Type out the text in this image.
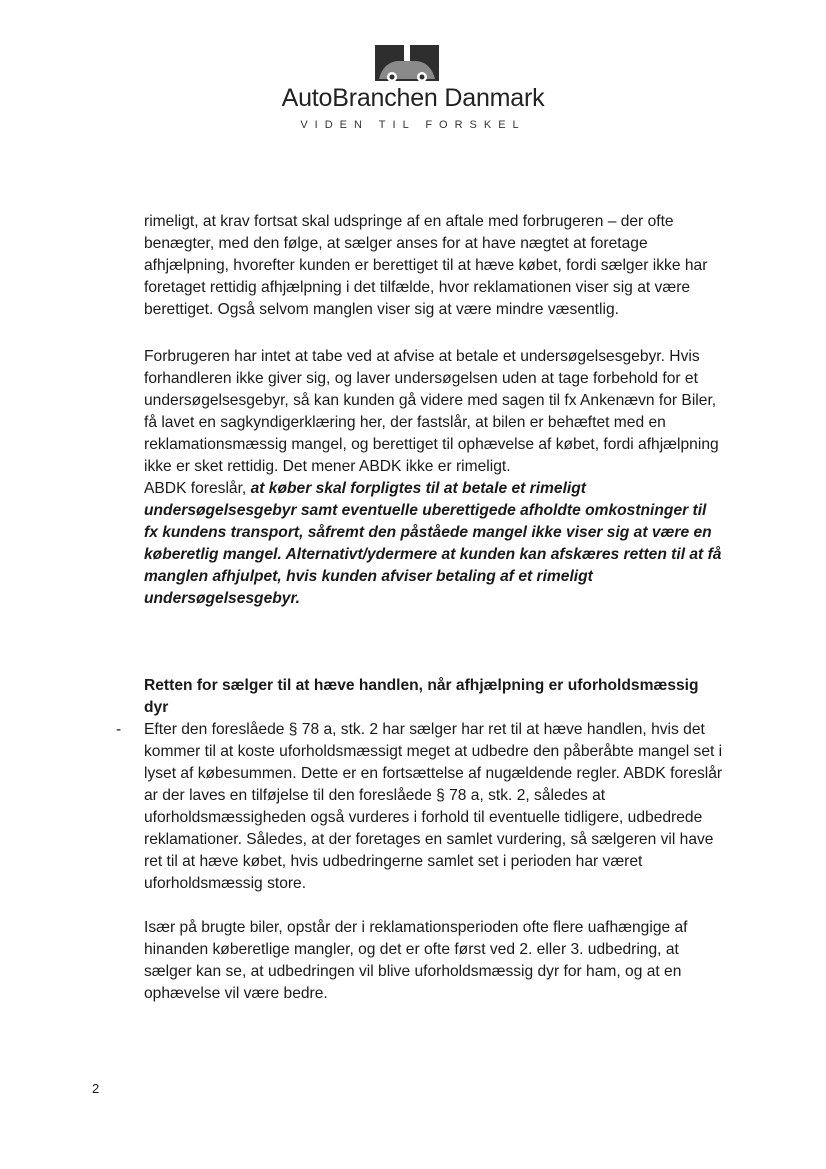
AutoBranchen Danmark
VIDEN TIL FORSKEL

rimeligt, at krav fortsat skal udspringe af en aftale med forbrugeren – der ofte benægter, med den følge, at sælger anses for at have nægtet at foretage afhjælpning, hvorefter kunden er berettiget til at hæve købet, fordi sælger ikke har foretaget rettidig afhjælpning i det tilfælde, hvor reklamationen viser sig at være berettiget. Også selvom manglen viser sig at være mindre væsentlig.

Forbrugeren har intet at tabe ved at afvise at betale et undersøgelsesgebyr. Hvis forhandleren ikke giver sig, og laver undersøgelsen uden at tage forbehold for et undersøgelsesgebyr, så kan kunden gå videre med sagen til fx Ankenævn for Biler, få lavet en sagkyndigerklæring her, der fastslår, at bilen er behæftet med en reklamationsmæssig mangel, og berettiget til ophævelse af købet, fordi afhjælpning ikke er sket rettidig. Det mener ABDK ikke er rimeligt.

ABDK foreslår, at køber skal forpligtes til at betale et rimeligt undersøgelsesgebyr samt eventuelle uberettigede afholdte omkostninger til fx kundens transport, såfremt den påståede mangel ikke viser sig at være en køberetlig mangel. Alternativt/ydermere at kunden kan afskæres retten til at få manglen afhjulpet, hvis kunden afviser betaling af et rimeligt undersøgelsesgebyr.

Retten for sælger til at hæve handlen, når afhjælpning er uforholdsmæssig dyr

Efter den foreslåede § 78 a, stk. 2 har sælger har ret til at hæve handlen, hvis det kommer til at koste uforholdsmæssigt meget at udbedre den påberåbte mangel set i lyset af købesummen. Dette er en fortsættelse af nugældende regler. ABDK foreslår ar der laves en tilføjelse til den foreslåede § 78 a, stk. 2, således at uforholdsmæssigheden også vurderes i forhold til eventuelle tidligere, udbedrede reklamationer. Således, at der foretages en samlet vurdering, så sælgeren vil have ret til at hæve købet, hvis udbedringerne samlet set i perioden har været uforholdsmæssig store.

-

Især på brugte biler, opstår der i reklamationsperioden ofte flere uafhængige af hinanden køberetlige mangler, og det er ofte først ved 2. eller 3. udbedring, at sælger kan se, at udbedringen vil blive uforholdsmæssig dyr for ham, og at en ophævelse vil være bedre.

2
